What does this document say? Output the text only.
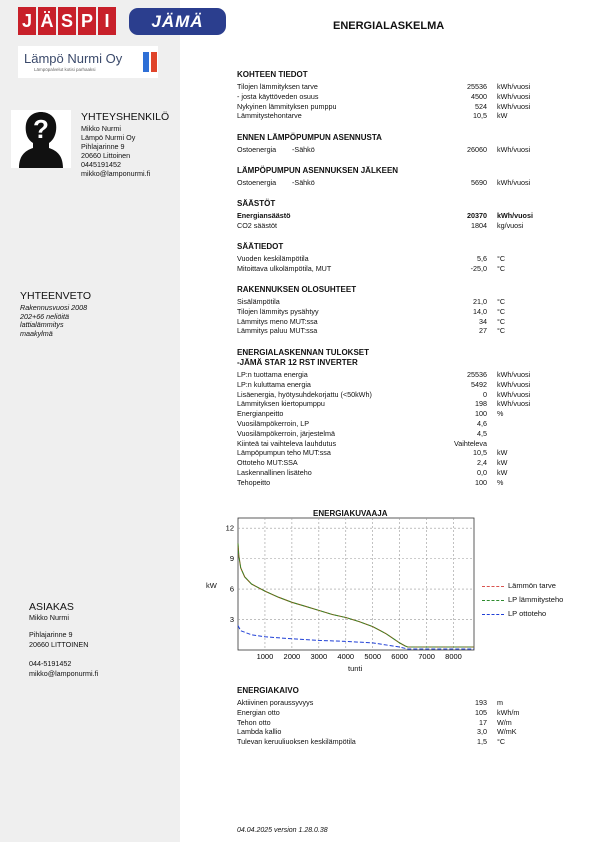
J Ä S P I	JÄMÄ
Lämpö Nurmi Oy
Lämpöpalvelut kotisi parhaaksi
ENERGIALASKELMA
?	YHTEYSHENKILÖ
Mikko Nurmi
Lämpö Nurmi Oy
Pihlajarinne 9
20660 Littoinen
0445191452
mikko@lamponurmi.fi
YHTEENVETO
Rakennusvuosi 2008
202+66 neliöitä
lattialämmitys
maakylmä
ASIAKAS
Mikko Nurmi
Pihlajarinne 9
20660 LITTOINEN
044-5191452
mikko@lamponurmi.fi
KOHTEEN TIEDOT
Tilojen lämmityksen tarve	25536 kWh/vuosi
- josta käyttöveden osuus	4500 kWh/vuosi
Nykyinen lämmityksen pumppu	524 kWh/vuosi
Lämmitystehontarve	10,5 kW
ENNEN LÄMPÖPUMPUN ASENNUSTA
Ostoenergia -Sähkö	26060 kWh/vuosi
LÄMPÖPUMPUN ASENNUKSEN JÄLKEEN
Ostoenergia -Sähkö	5690 kWh/vuosi
SÄÄSTÖT
Energiansäästö	20370 kWh/vuosi
CO2 säästöt	1804 kg/vuosi
SÄÄTIEDOT
Vuoden keskilämpötila	5,6 °C
Mitoittava ulkolämpötila, MUT	-25,0 °C
RAKENNUKSEN OLOSUHTEET
Sisälämpötila	21,0 °C
Tilojen lämmitys pysähtyy	14,0 °C
Lämmitys meno MUT:ssa	34 °C
Lämmitys paluu MUT:ssa	27 °C
ENERGIALASKENNAN TULOKSET
-JÄMÄ STAR 12 RST INVERTER
LP:n tuottama energia	25536 kWh/vuosi
LP:n kuluttama energia	5492 kWh/vuosi
Lisäenergia, hyötysuhdekorjattu (<50kWh)	0 kWh/vuosi
Lämmityksen kiertopumppu	198 kWh/vuosi
Energianpeitto	100 %
Vuosilämpökerroin, LP	4,6
Vuosilämpökerroin, järjestelmä	4,5
Kiinteä tai vaihteleva lauhdutus	Vaihteleva
Lämpöpumpun teho MUT:ssa	10,5 kW
Ottoteho MUT:SSA	2,4 kW
Laskennallinen lisäteho	0,0 kW
Tehopeitto	100 %
ENERGIAKAIVO
Aktiivinen poraussyvyys	193 m
Energian otto	105 kWh/m
Tehon otto	17 W/m
Lambda kallio	3,0 W/mK
Tulevan keruuliuoksen keskilämpötila	1,5 °C
ENERGIAKUVAAJA
kW
tunti
1000 2000 3000 4000 5000 6000 7000 8000
3
6
9
12
Lämmön tarve
LP lämmitysteho
LP ottoteho
04.04.2025 version 1.28.0.38
